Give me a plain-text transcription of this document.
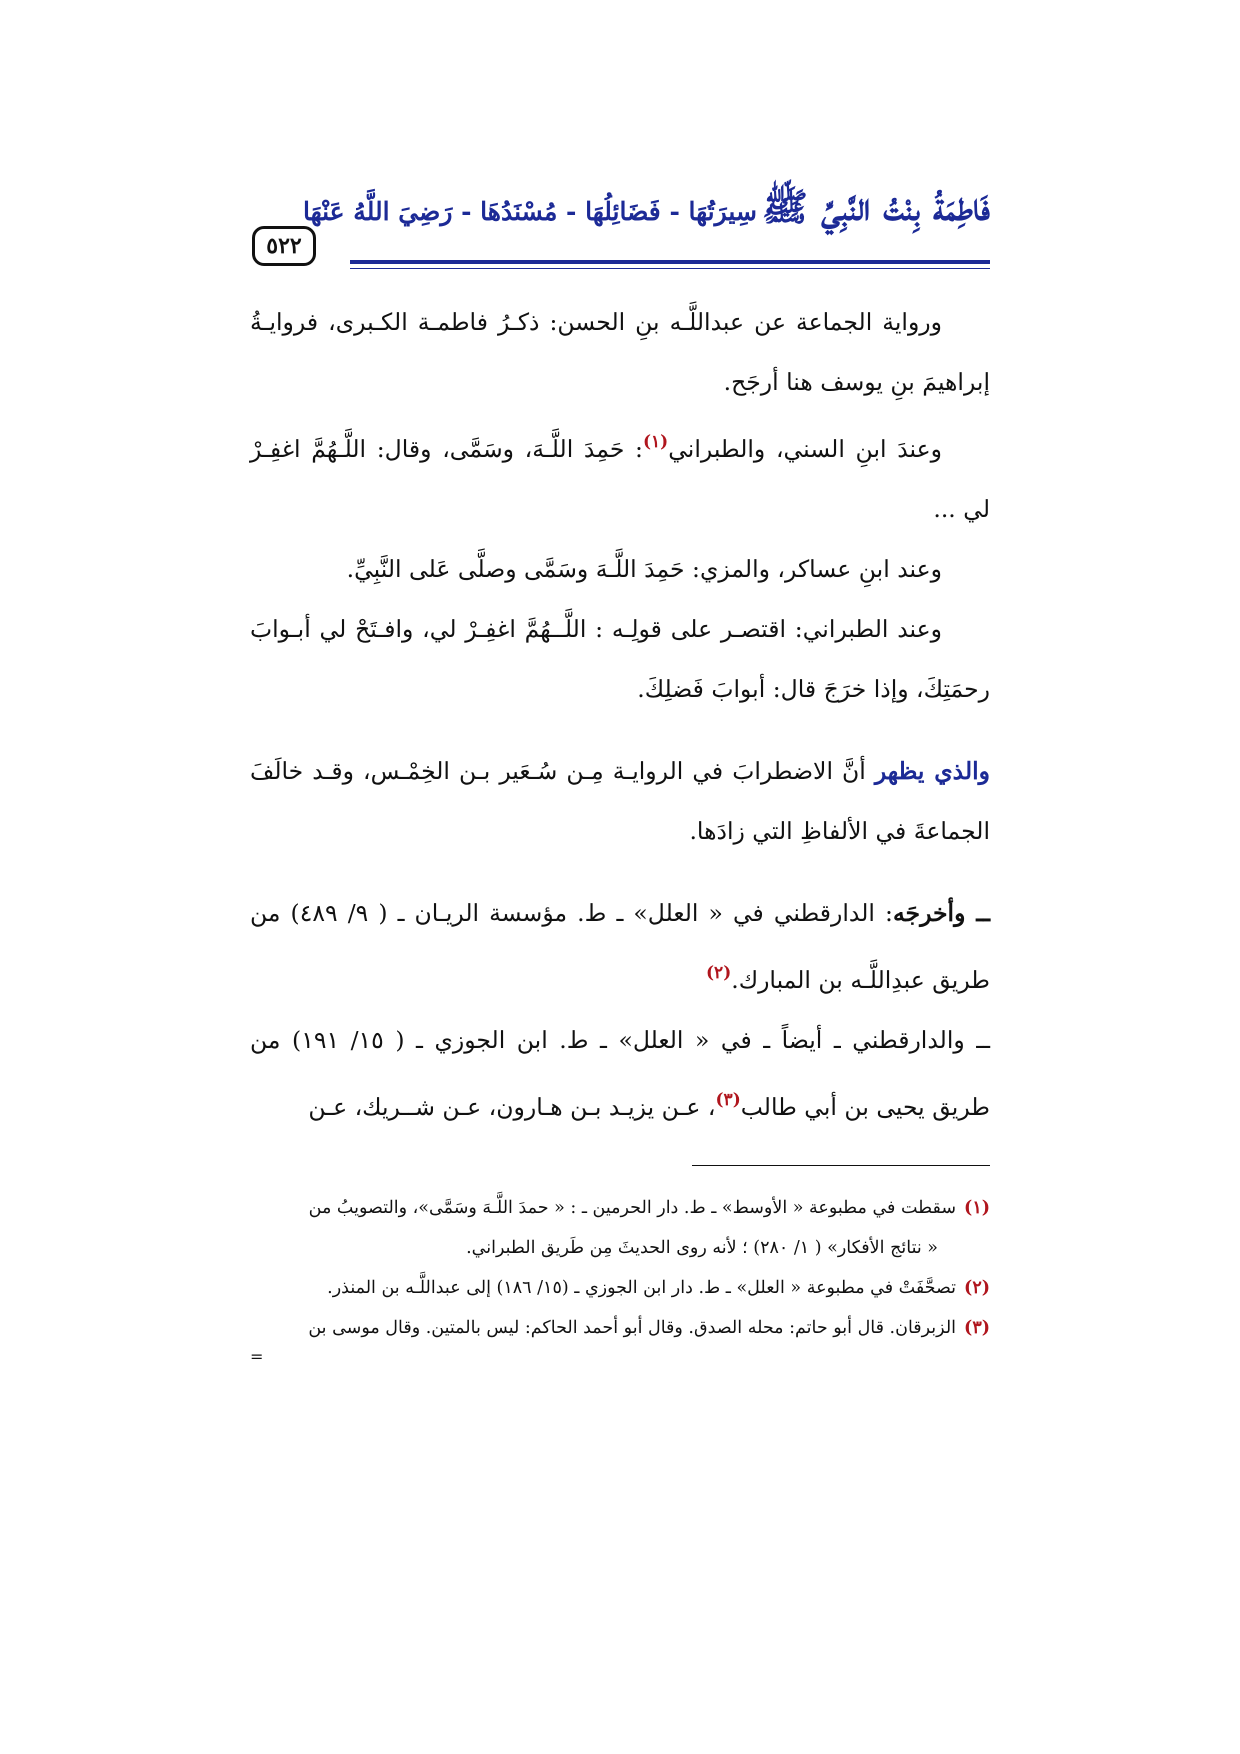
فَاطِمَةُ بِنْتُ النَّبِيِّ ﷺ سِيرَتُهَا - فَضَائِلُهَا - مُسْنَدُهَا - رَضِيَ اللَّهُ عَنْهَا
٥٢٢

ورواية الجماعة عن عبداللَّـه بنِ الحسن: ذكـرُ فاطمـة الكـبرى، فروايـةُ إبراهيمَ بنِ يوسف هنا أرجَح.

وعندَ ابنِ السني، والطبراني$^{(١)}$: حَمِدَ اللَّـهَ، وسَمَّى، وقال: اللَّـهُمَّ اغفِـرْ لي ...

وعند ابنِ عساكر، والمزي: حَمِدَ اللَّـهَ وسَمَّى وصلَّى عَلى النَّبِيِّ.

وعند الطبراني: اقتصـر على قولِـه : اللَّــهُمَّ اغفِـرْ لي، وافـتَحْ لي أبـوابَ رحمَتِكَ، وإذا خرَجَ قال: أبوابَ فَضلِكَ.

والذي يظهر أنَّ الاضطرابَ في الروايـة مِـن سُـعَير بـن الخِمْـس، وقـد خالَفَ الجماعةَ في الألفاظِ التي زادَها.

ــ وأخرجَه: الدارقطني في « العلل» ـ ط. مؤسسة الريـان ـ ( ٩/ ٤٨٩) من طريق عبدِاللَّـه بن المبارك.$^{(٢)}$

ــ والدارقطني ـ أيضاً ـ في « العلل» ـ ط. ابن الجوزي ـ ( ١٥/ ١٩١) من طريق يحيى بن أبي طالب$^{(٣)}$، عـن يزيـد بـن هـارون، عـن شــريك، عـن

(١)سقطت في مطبوعة « الأوسط» ـ ط. دار الحرمين ـ : « حمدَ اللَّـهَ وسَمَّى»، والتصويبُ من

« نتائج الأفكار» ( ١/ ٢٨٠) ؛ لأنه روى الحديثَ مِن طَريق الطبراني.

(٢)تصحَّفَتْ في مطبوعة « العلل» ـ ط. دار ابن الجوزي ـ (١٥/ ١٨٦) إلى عبداللَّـه بن المنذر.

(٣)الزبرقان. قال أبو حاتم: محله الصدق. وقال أبو أحمد الحاكم: ليس بالمتين. وقال موسى بن

=
